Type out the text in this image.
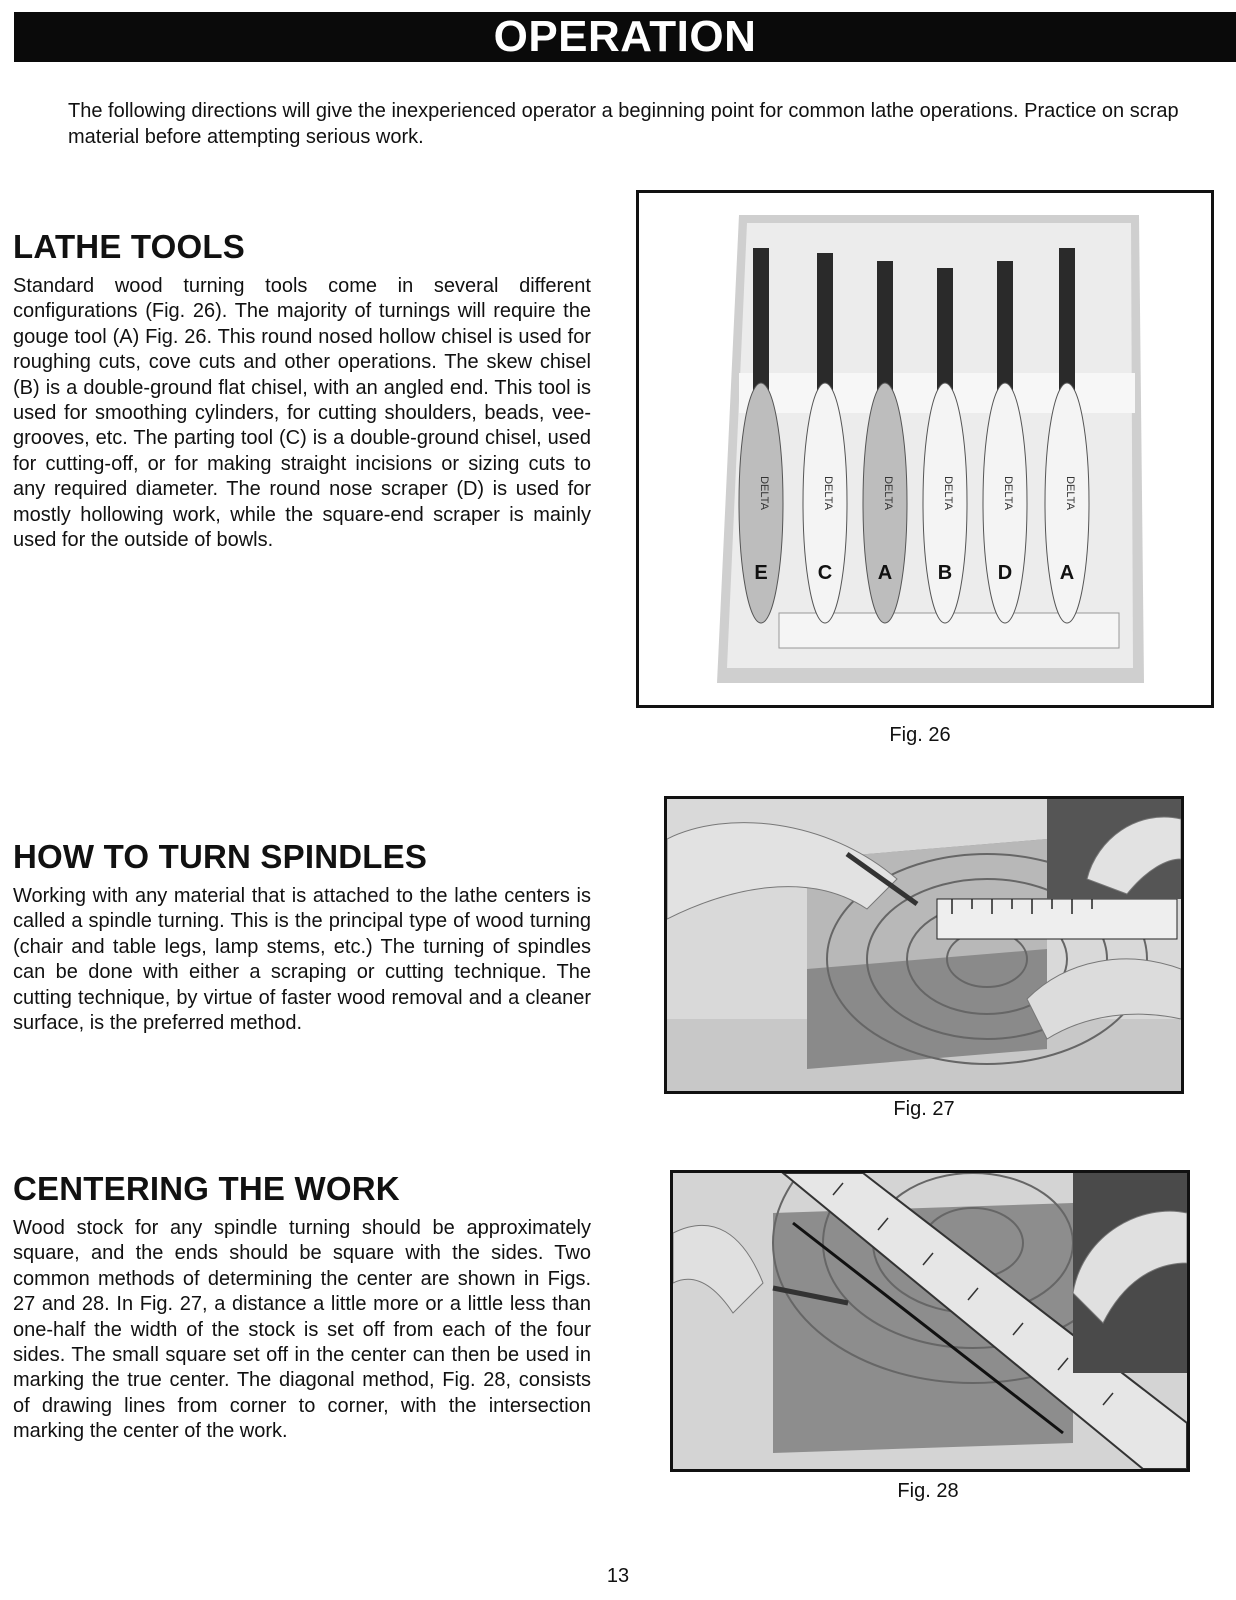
OPERATION

The following directions will give the inexperienced operator a beginning point for common lathe operations. Practice on scrap material before attempting serious work.

LATHE TOOLS

Standard wood turning tools come in several different configurations (Fig. 26). The majority of turnings will require the gouge tool (A) Fig. 26. This round nosed hollow chisel is used for roughing cuts, cove cuts and other operations. The skew chisel (B) is a double-ground flat chisel, with an angled end. This tool is used for smoothing cylinders, for cutting shoulders, beads, vee-grooves, etc. The parting tool (C) is a double-ground chisel, used for cutting-off, or for making straight incisions or sizing cuts to any required diameter. The round nose scraper (D) is used for mostly hollowing work, while the square-end scraper is mainly used for the outside of bowls.

DELTA
E
DELTA
C
DELTA
A
DELTA
B
DELTA
D
DELTA
A
Fig. 26
HOW TO TURN SPINDLES

Working with any material that is attached to the lathe centers is called a spindle turning. This is the principal type of wood turning (chair and table legs, lamp stems, etc.) The turning of spindles can be done with either a scraping or cutting technique. The cutting technique, by virtue of faster wood removal and a cleaner surface, is the preferred method.

Fig. 27
CENTERING THE WORK

Wood stock for any spindle turning should be approximately square, and the ends should be square with the sides. Two common methods of determining the center are shown in Figs. 27 and 28. In Fig. 27, a distance a little more or a little less than one-half the width of the stock is set off from each of the four sides. The small square set off in the center can then be used in marking the true center. The diagonal method, Fig. 28, consists of drawing lines from corner to corner, with the intersection marking the center of the work.

Fig. 28
13
